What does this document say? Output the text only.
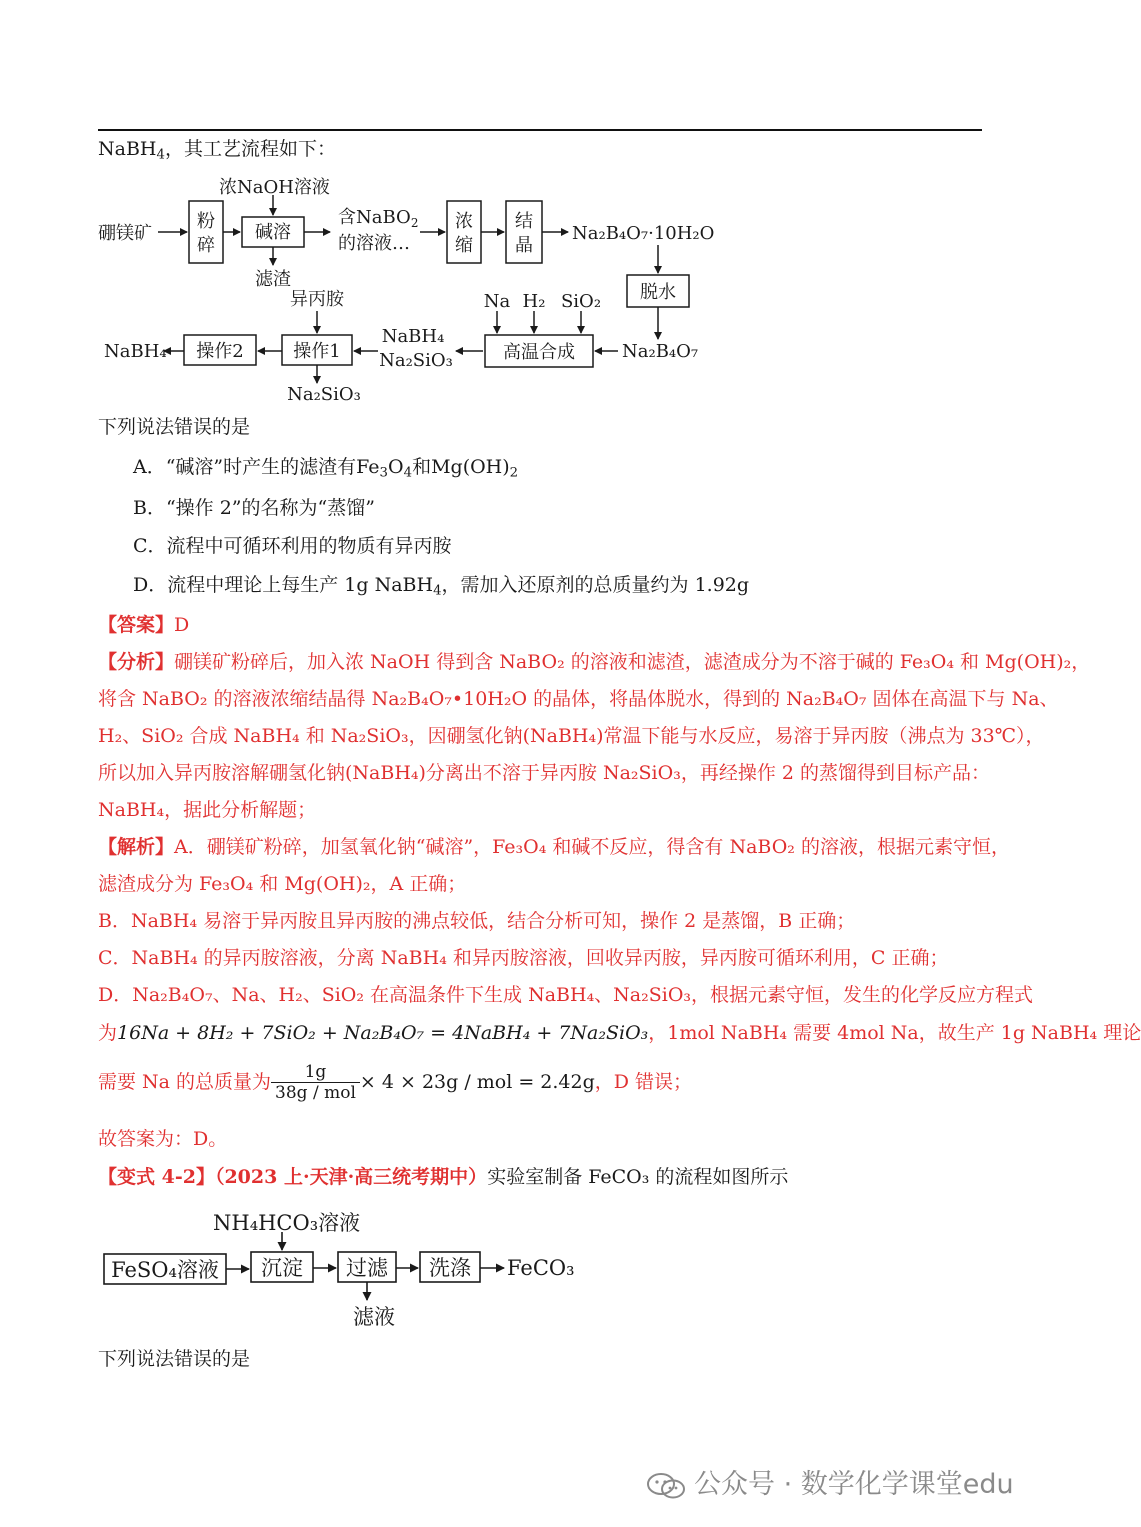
NaBH$_4$，其工艺流程如下：
硼镁矿
浓NaOH溶液
粉
碎
碱溶
滤渣
含NaBO$_2$
的溶液…
浓
缩
结
晶
Na₂B₄O₇·10H₂O
脱水
Na₂B₄O₇
高温合成
Na H₂ SiO₂
NaBH₄
Na₂SiO₃
操作1
操作2
异丙胺
NaBH₄
Na₂SiO₃
下列说法错误的是
A．“碱溶”时产生的滤渣有$Fe_3O_4$和$Mg(OH)_2$
B．“操作 2”的名称为“蒸馏”
C．流程中可循环利用的物质有异丙胺
D．流程中理论上每生产 1g NaBH$_4$，需加入还原剂的总质量约为 1.92g
【答案】D
【分析】硼镁矿粉碎后，加入浓 NaOH 得到含 NaBO₂ 的溶液和滤渣，滤渣成分为不溶于碱的 Fe₃O₄ 和 Mg(OH)₂，
将含 NaBO₂ 的溶液浓缩结晶得 Na₂B₄O₇•10H₂O 的晶体，将晶体脱水，得到的 Na₂B₄O₇ 固体在高温下与 Na、
H₂、SiO₂ 合成 NaBH₄ 和 Na₂SiO₃，因硼氢化钠(NaBH₄)常温下能与水反应，易溶于异丙胺（沸点为 33℃），
所以加入异丙胺溶解硼氢化钠(NaBH₄)分离出不溶于异丙胺 Na₂SiO₃，再经操作 2 的蒸馏得到目标产品：
NaBH₄，据此分析解题；
【解析】A．硼镁矿粉碎，加氢氧化钠“碱溶”，Fe₃O₄ 和碱不反应，得含有 NaBO₂ 的溶液，根据元素守恒，
滤渣成分为 Fe₃O₄ 和 Mg(OH)₂，A 正确；
B．NaBH₄ 易溶于异丙胺且异丙胺的沸点较低，结合分析可知，操作 2 是蒸馏，B 正确；
C．NaBH₄ 的异丙胺溶液，分离 NaBH₄ 和异丙胺溶液，回收异丙胺，异丙胺可循环利用，C 正确；
D．Na₂B₄O₇、Na、H₂、SiO₂ 在高温条件下生成 NaBH₄、Na₂SiO₃，根据元素守恒，发生的化学反应方程式
为16Na + 8H₂ + 7SiO₂ + Na₂B₄O₇ = 4NaBH₄ + 7Na₂SiO₃，1mol NaBH₄ 需要 4mol Na，故生产 1g NaBH₄ 理论
需要 Na 的总质量为 $\frac{1g}{\text{38g / mol}} \times 4 \times 23g$ / mol = 2.42g，D 错误；
故答案为：D。
【变式 4-2】（2023 上·天津·高三统考期中）实验室制备 FeCO₃ 的流程如图所示
NH₄HCO₃溶液
FeSO₄溶液 沉淀 过滤 洗涤 FeCO₃
滤液
下列说法错误的是
公众号 · 数学化学课堂edu
